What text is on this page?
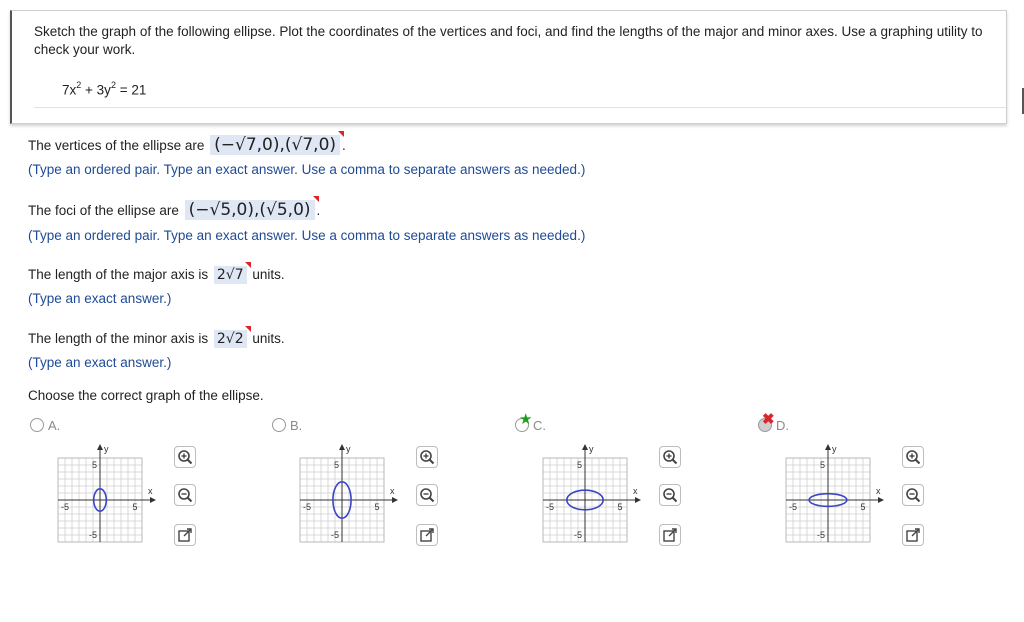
Sketch the graph of the following ellipse. Plot the coordinates of the vertices and foci, and find the lengths of the major and minor axes. Use a graphing utility to check your work.
$7x^2 + 3y^2 = 21$
The vertices of the ellipse are (−√7,0),(√7,0) .
(Type an ordered pair. Type an exact answer. Use a comma to separate answers as needed.)
The foci of the ellipse are (−√5,0),(√5,0) .
(Type an ordered pair. Type an exact answer. Use a comma to separate answers as needed.)
The length of the major axis is 2√7 units.
(Type an exact answer.)
The length of the minor axis is 2√2 units.
(Type an exact answer.)
Choose the correct graph of the ellipse.
A.	B.	C.
★	D.
✖
y
x
5
-5
-5	5
y
x
5
-5
-5	5
y
x
5
-5
-5	5
y
x
5
-5
-5	5
